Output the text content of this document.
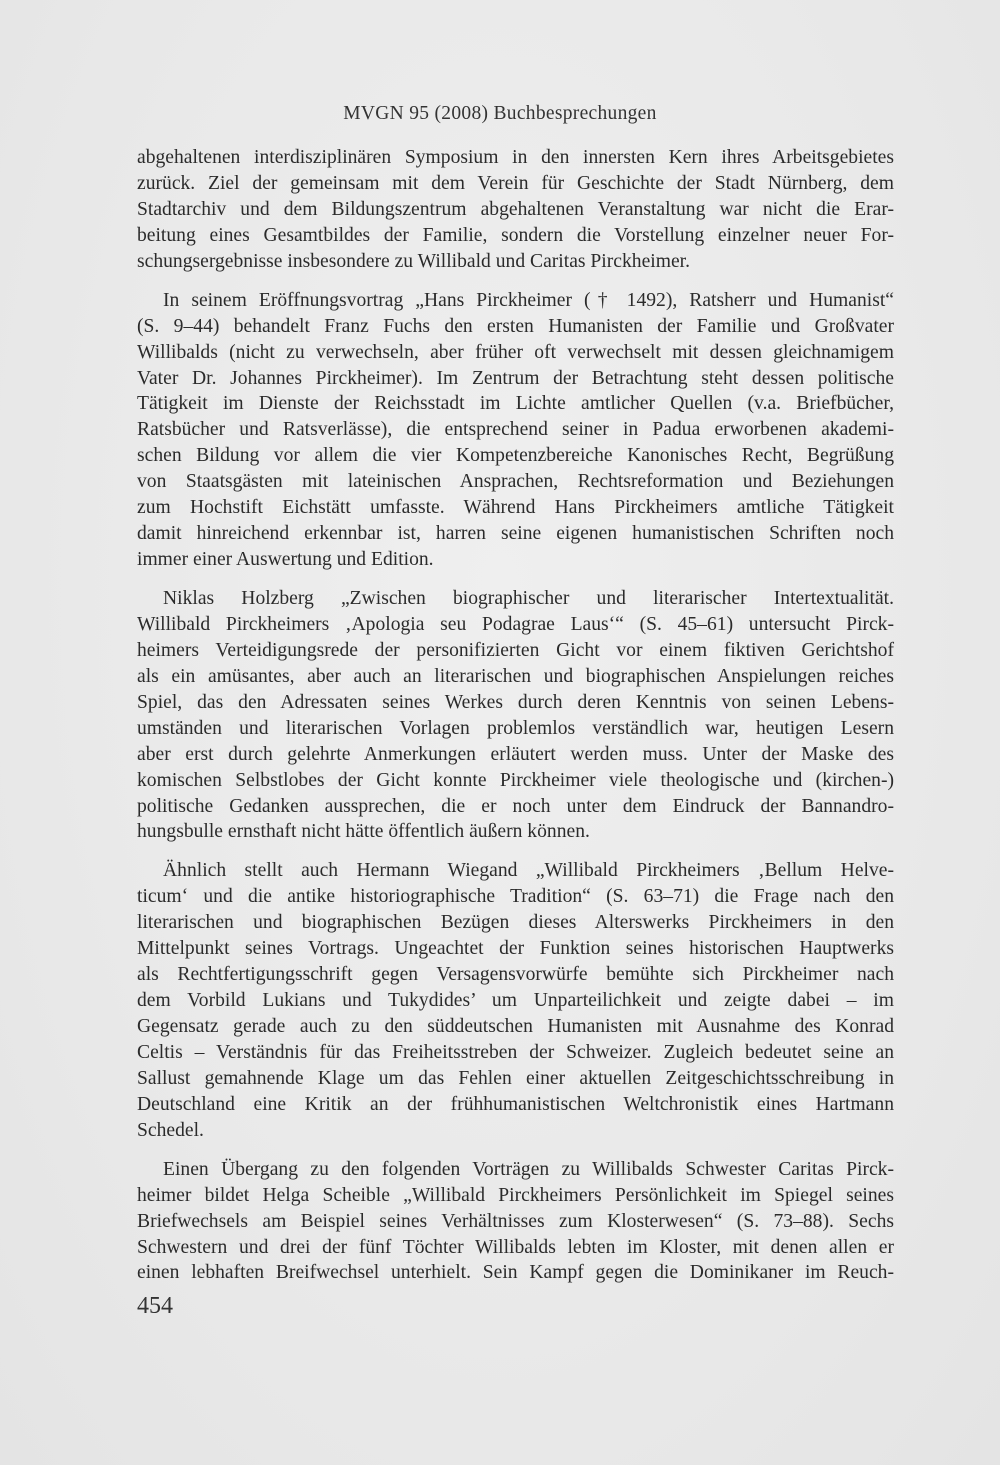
MVGN 95 (2008) Buchbesprechungen
abgehaltenen interdisziplinären Symposium in den innersten Kern ihres Arbeitsgebietes
zurück. Ziel der gemeinsam mit dem Verein für Geschichte der Stadt Nürnberg, dem
Stadtarchiv und dem Bildungszentrum abgehaltenen Veranstaltung war nicht die Erar-
beitung eines Gesamtbildes der Familie, sondern die Vorstellung einzelner neuer For-
schungsergebnisse insbesondere zu Willibald und Caritas Pirckheimer.
In seinem Eröffnungsvortrag „Hans Pirckheimer († 1492), Ratsherr und Humanist“
(S. 9–44) behandelt Franz Fuchs den ersten Humanisten der Familie und Großvater
Willibalds (nicht zu verwechseln, aber früher oft verwechselt mit dessen gleichnamigem
Vater Dr. Johannes Pirckheimer). Im Zentrum der Betrachtung steht dessen politische
Tätigkeit im Dienste der Reichsstadt im Lichte amtlicher Quellen (v.a. Briefbücher,
Ratsbücher und Ratsverlässe), die entsprechend seiner in Padua erworbenen akademi-
schen Bildung vor allem die vier Kompetenzbereiche Kanonisches Recht, Begrüßung
von Staatsgästen mit lateinischen Ansprachen, Rechtsreformation und Beziehungen
zum Hochstift Eichstätt umfasste. Während Hans Pirckheimers amtliche Tätigkeit
damit hinreichend erkennbar ist, harren seine eigenen humanistischen Schriften noch
immer einer Auswertung und Edition.
Niklas Holzberg „Zwischen biographischer und literarischer Intertextualität.
Willibald Pirckheimers ‚Apologia seu Podagrae Laus‘“ (S. 45–61) untersucht Pirck-
heimers Verteidigungsrede der personifizierten Gicht vor einem fiktiven Gerichtshof
als ein amüsantes, aber auch an literarischen und biographischen Anspielungen reiches
Spiel, das den Adressaten seines Werkes durch deren Kenntnis von seinen Lebens-
umständen und literarischen Vorlagen problemlos verständlich war, heutigen Lesern
aber erst durch gelehrte Anmerkungen erläutert werden muss. Unter der Maske des
komischen Selbstlobes der Gicht konnte Pirckheimer viele theologische und (kirchen-)
politische Gedanken aussprechen, die er noch unter dem Eindruck der Bannandro-
hungsbulle ernsthaft nicht hätte öffentlich äußern können.
Ähnlich stellt auch Hermann Wiegand „Willibald Pirckheimers ‚Bellum Helve-
ticum‘ und die antike historiographische Tradition“ (S. 63–71) die Frage nach den
literarischen und biographischen Bezügen dieses Alterswerks Pirckheimers in den
Mittelpunkt seines Vortrags. Ungeachtet der Funktion seines historischen Hauptwerks
als Rechtfertigungsschrift gegen Versagensvorwürfe bemühte sich Pirckheimer nach
dem Vorbild Lukians und Tukydides’ um Unparteilichkeit und zeigte dabei – im
Gegensatz gerade auch zu den süddeutschen Humanisten mit Ausnahme des Konrad
Celtis – Verständnis für das Freiheitsstreben der Schweizer. Zugleich bedeutet seine an
Sallust gemahnende Klage um das Fehlen einer aktuellen Zeitgeschichtsschreibung in
Deutschland eine Kritik an der frühhumanistischen Weltchronistik eines Hartmann
Schedel.
Einen Übergang zu den folgenden Vorträgen zu Willibalds Schwester Caritas Pirck-
heimer bildet Helga Scheible „Willibald Pirckheimers Persönlichkeit im Spiegel seines
Briefwechsels am Beispiel seines Verhältnisses zum Klosterwesen“ (S. 73–88). Sechs
Schwestern und drei der fünf Töchter Willibalds lebten im Kloster, mit denen allen er
einen lebhaften Breifwechsel unterhielt. Sein Kampf gegen die Dominikaner im Reuch-
454
